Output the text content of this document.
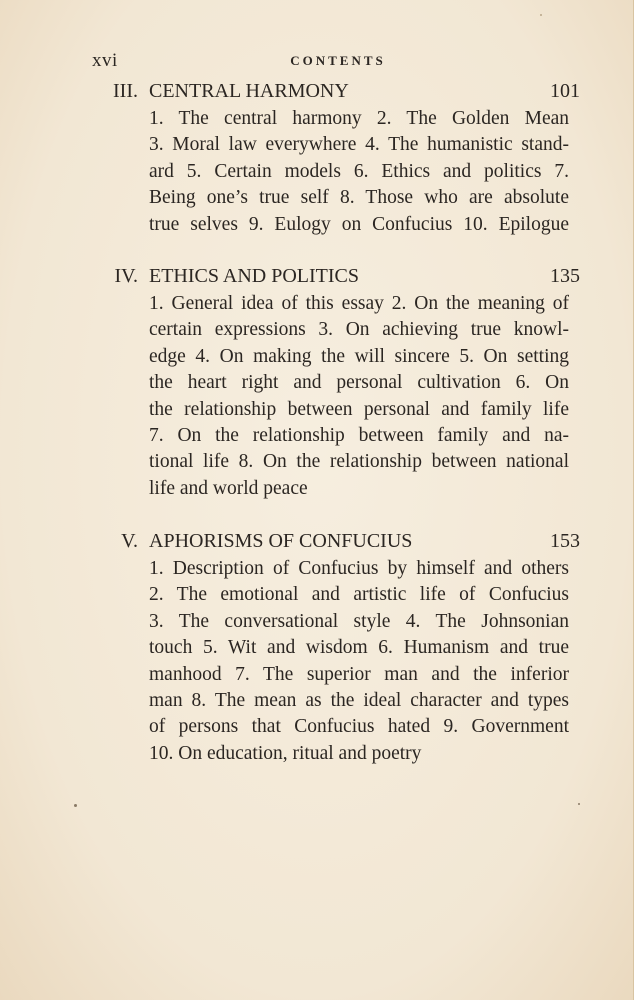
xvi	CONTENTS
III. CENTRAL HARMONY	101
1. The central harmony 2. The Golden Mean
3. Moral law everywhere 4. The humanistic stand-
ard 5. Certain models 6. Ethics and politics 7.
Being one’s true self 8. Those who are absolute
true selves 9. Eulogy on Confucius 10. Epilogue
IV. ETHICS AND POLITICS	135
1. General idea of this essay 2. On the meaning of
certain expressions 3. On achieving true knowl-
edge 4. On making the will sincere 5. On setting
the heart right and personal cultivation 6. On
the relationship between personal and family life
7. On the relationship between family and na-
tional life 8. On the relationship between national
life and world peace
V. APHORISMS OF CONFUCIUS	153
1. Description of Confucius by himself and others
2. The emotional and artistic life of Confucius
3. The conversational style 4. The Johnsonian
touch 5. Wit and wisdom 6. Humanism and true
manhood 7. The superior man and the inferior
man 8. The mean as the ideal character and types
of persons that Confucius hated 9. Government
10. On education, ritual and poetry
